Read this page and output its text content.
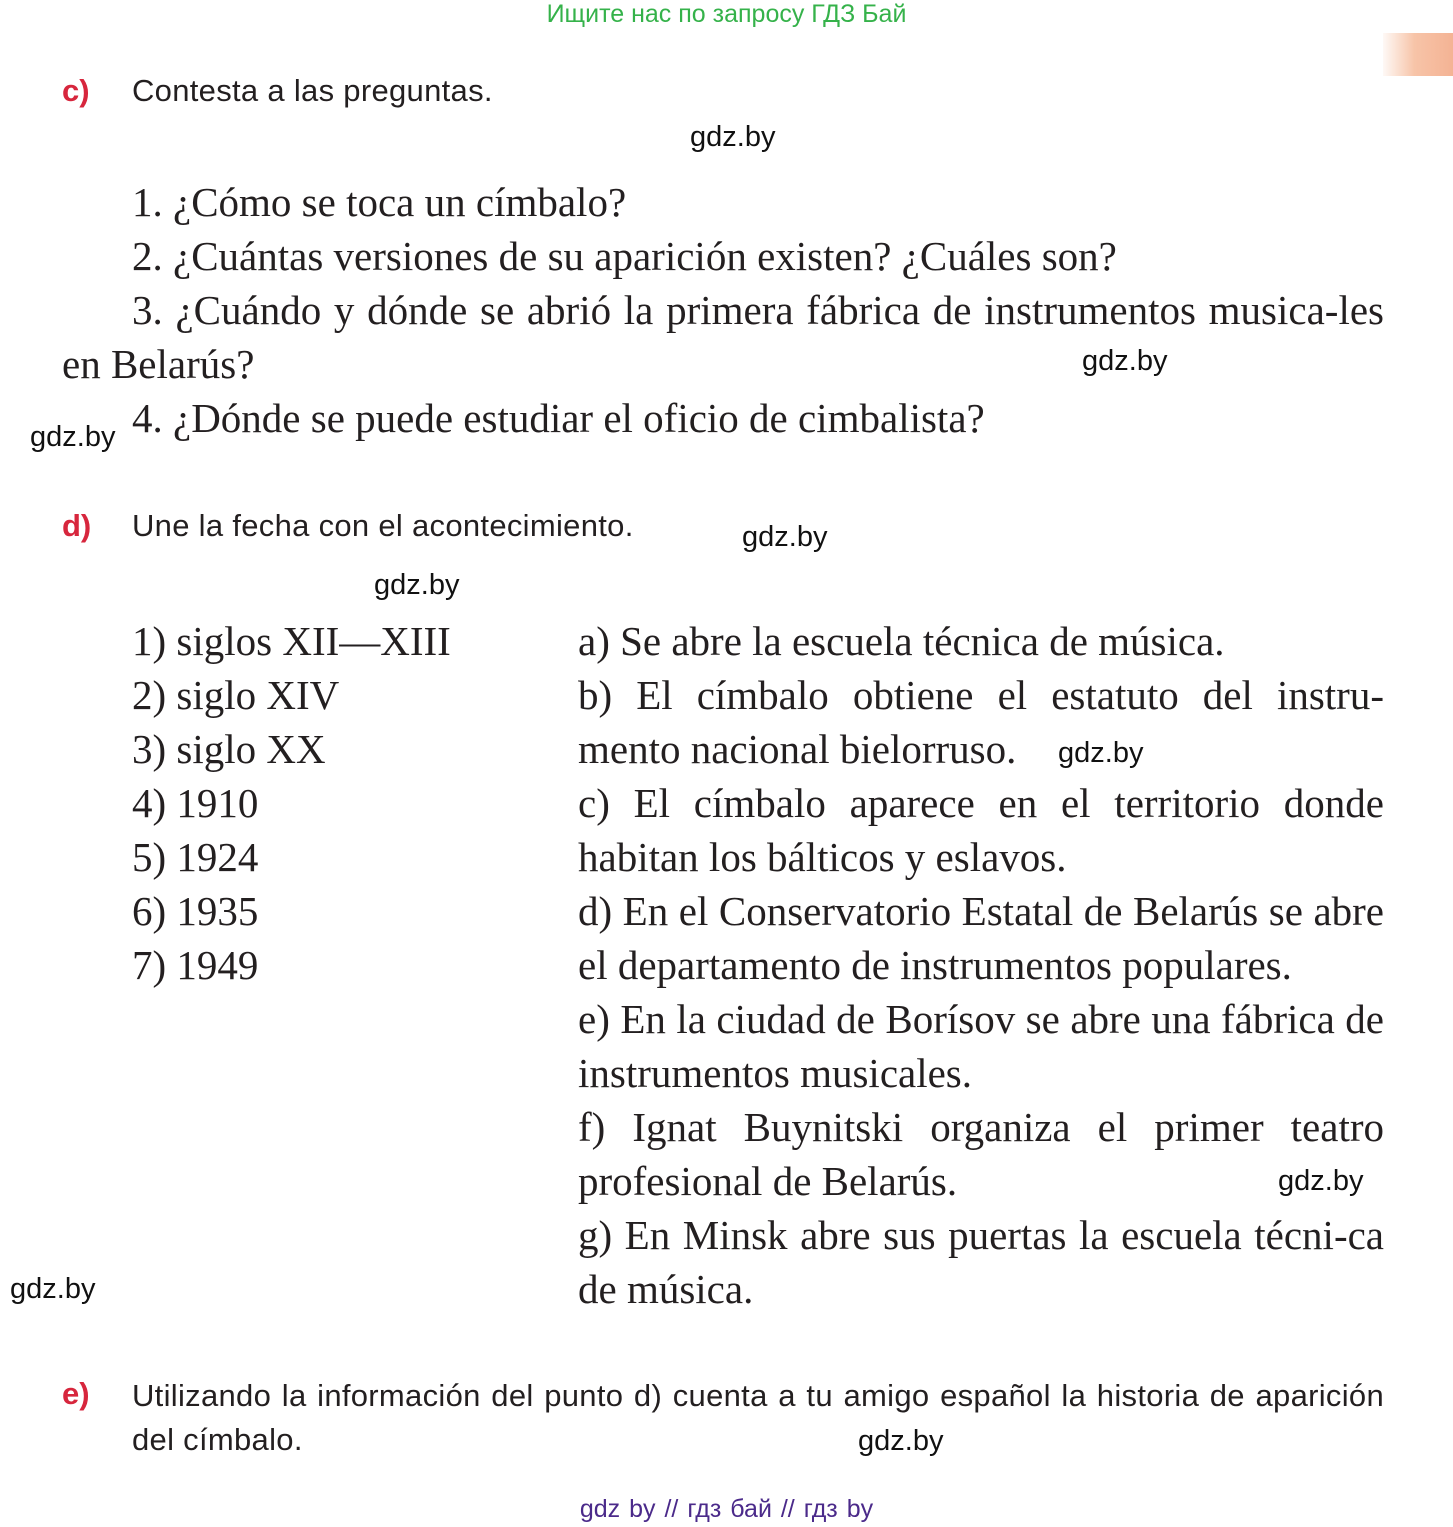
Ищите нас по запросу ГДЗ Бай
c) Contesta a las preguntas.
gdz.by
1. ¿Cómo se toca un címbalo?
2. ¿Cuántas versiones de su aparición existen? ¿Cuáles son?
3. ¿Cuándo y dónde se abrió la primera fábrica de instrumentos musica-les en Belarús?	gdz.by
4. ¿Dónde se puede estudiar el oficio de cimbalista?
gdz.by
d) Une la fecha con el acontecimiento.	gdz.by
gdz.by
1) siglos XII—XIII
2) siglo XIV
3) siglo XX
4) 1910
5) 1924
6) 1935
7) 1949
a) Se abre la escuela técnica de música.
b) El címbalo obtiene el estatuto del instru-mento nacional bielorruso.
c) El címbalo aparece en el territorio donde habitan los bálticos y eslavos.
d) En el Conservatorio Estatal de Belarús se abre el departamento de instrumentos populares.
e) En la ciudad de Borísov se abre una fábrica de instrumentos musicales.
f) Ignat Buynitski organiza el primer teatro profesional de Belarús.
g) En Minsk abre sus puertas la escuela técni-ca de música.
gdz.by
gdz.by
gdz.by
e) Utilizando la información del punto d) cuenta a tu amigo español la historia de aparición del címbalo.	gdz.by
gdz by // гдз бай // гдз by
